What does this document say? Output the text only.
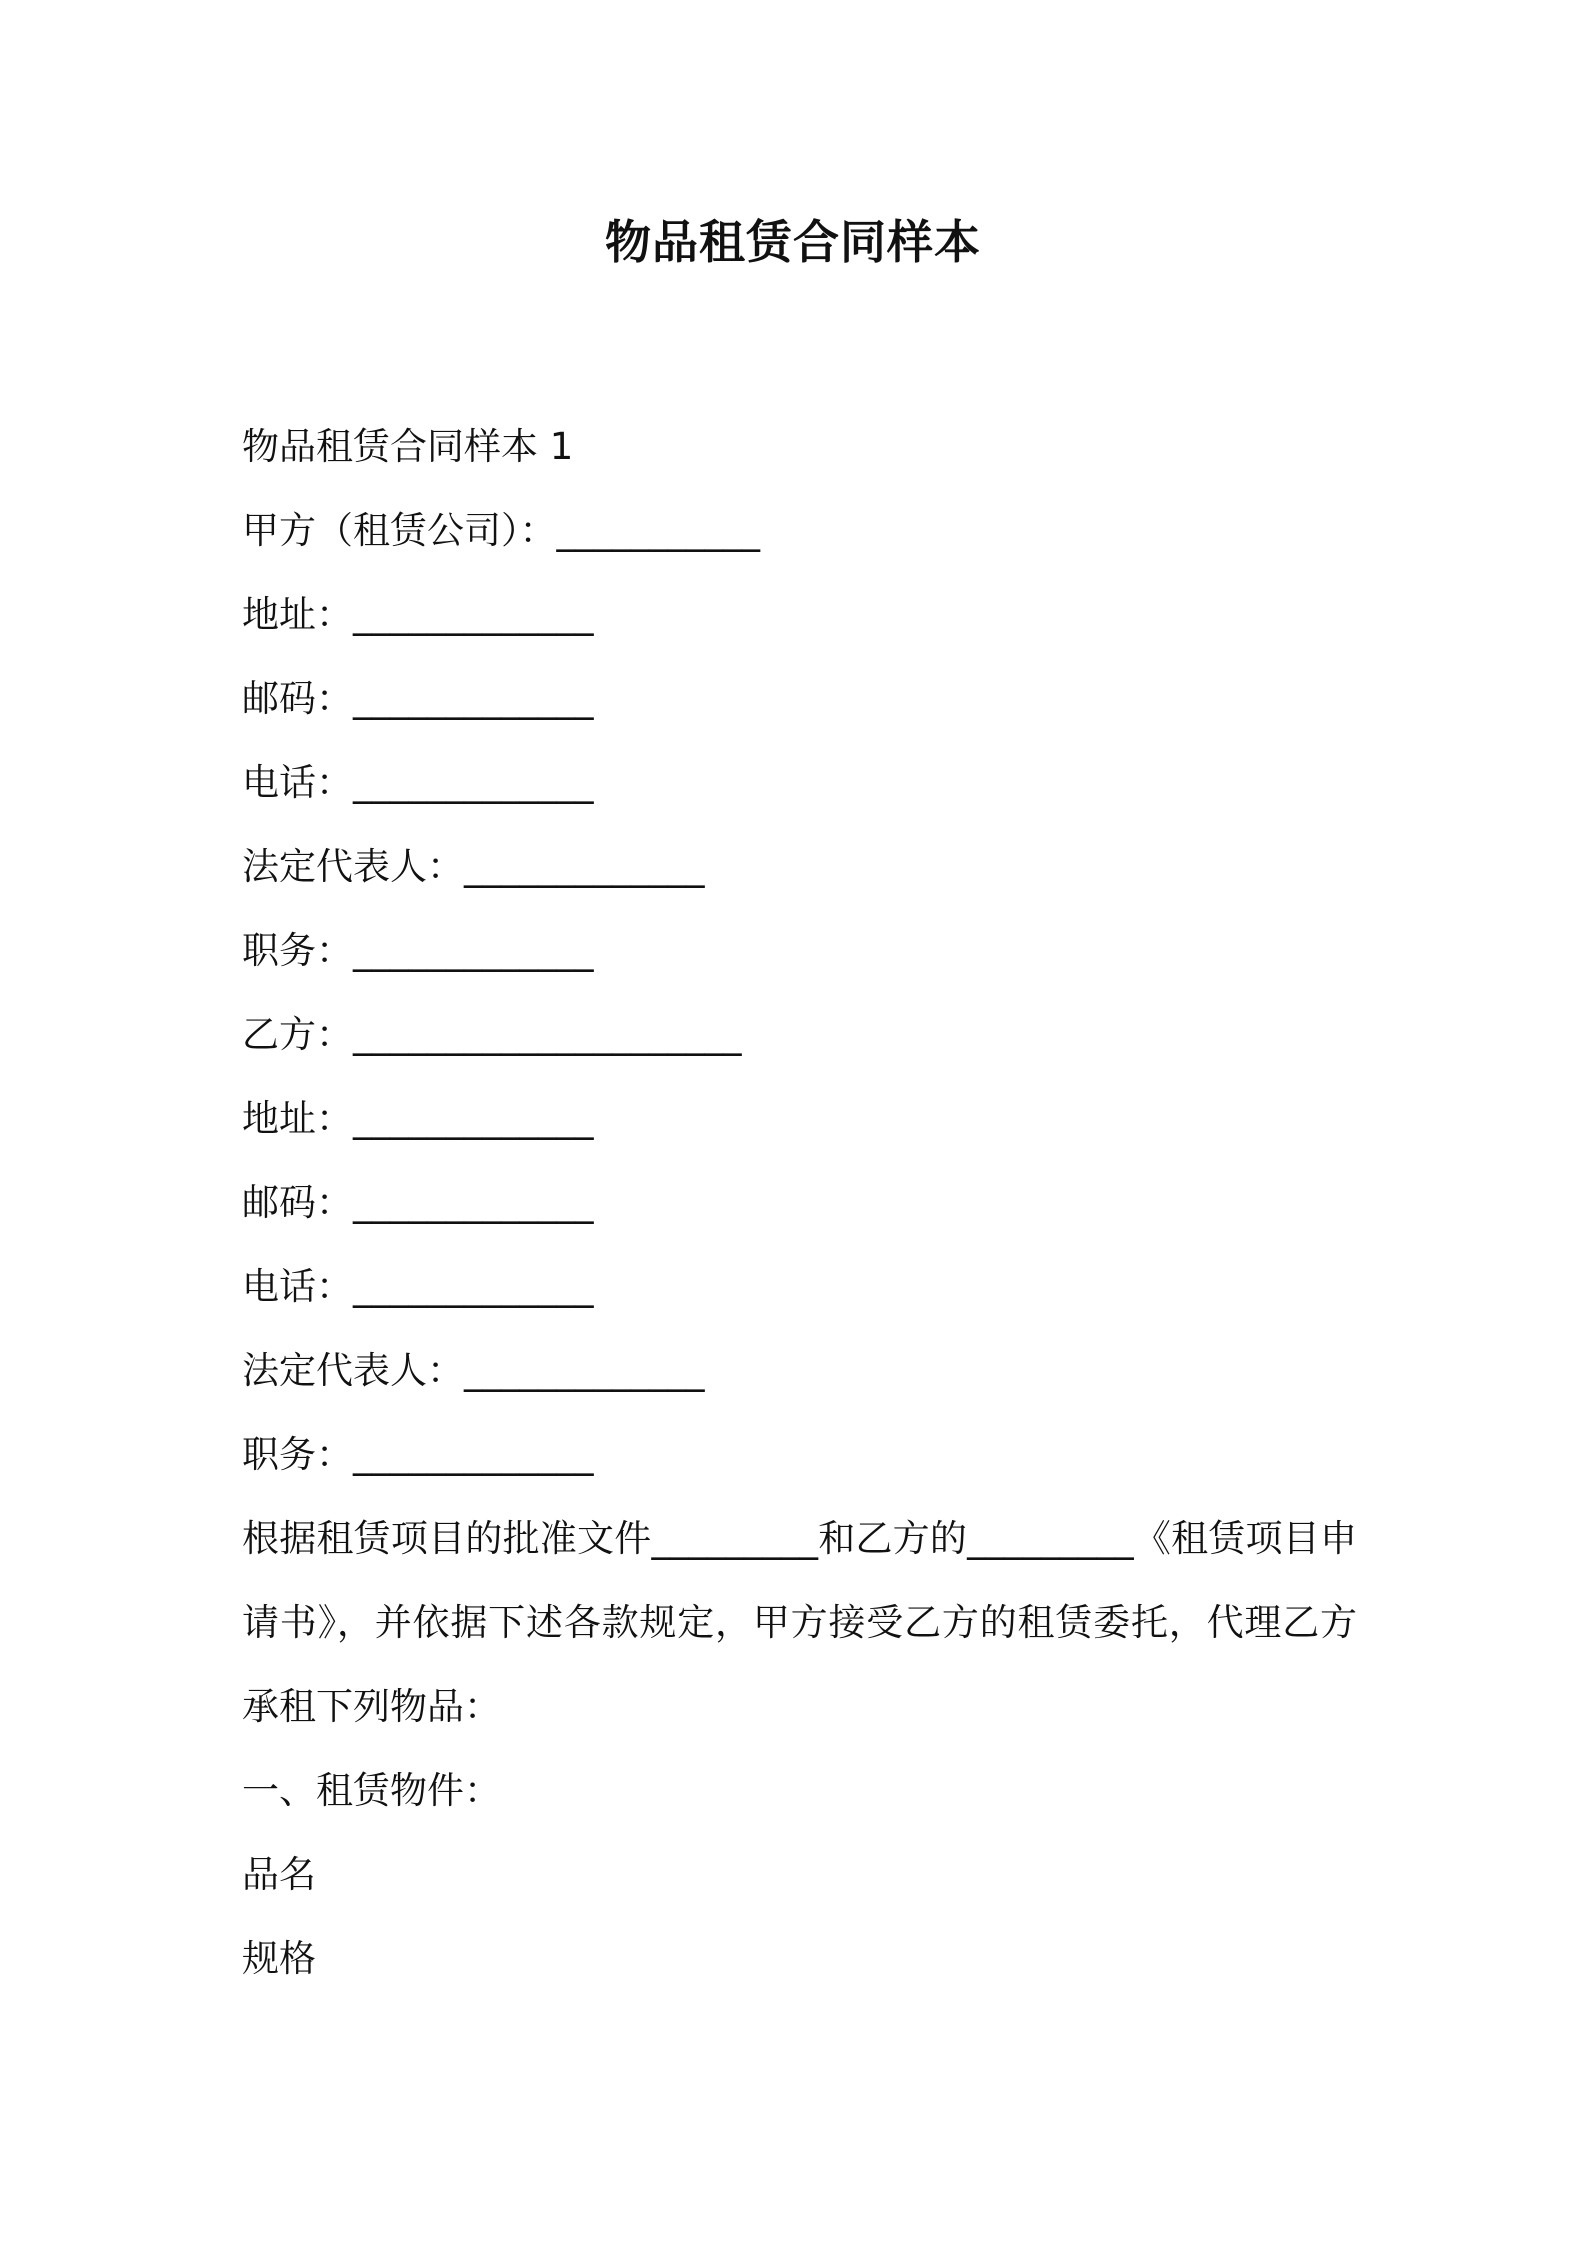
物品租赁合同样本
物品租赁合同样本 1
甲方（租赁公司）：___________
地址：_____________
邮码：_____________
电话：_____________
法定代表人：_____________
职务：_____________
乙方：_____________________
地址：_____________
邮码：_____________
电话：_____________
法定代表人：_____________
职务：_____________
根据租赁项目的批准文件_________和乙方的_________《租赁项目申请书》，并依据下述各款规定，甲方接受乙方的租赁委托，代理乙方承租下列物品：
一、租赁物件：
品名
规格
